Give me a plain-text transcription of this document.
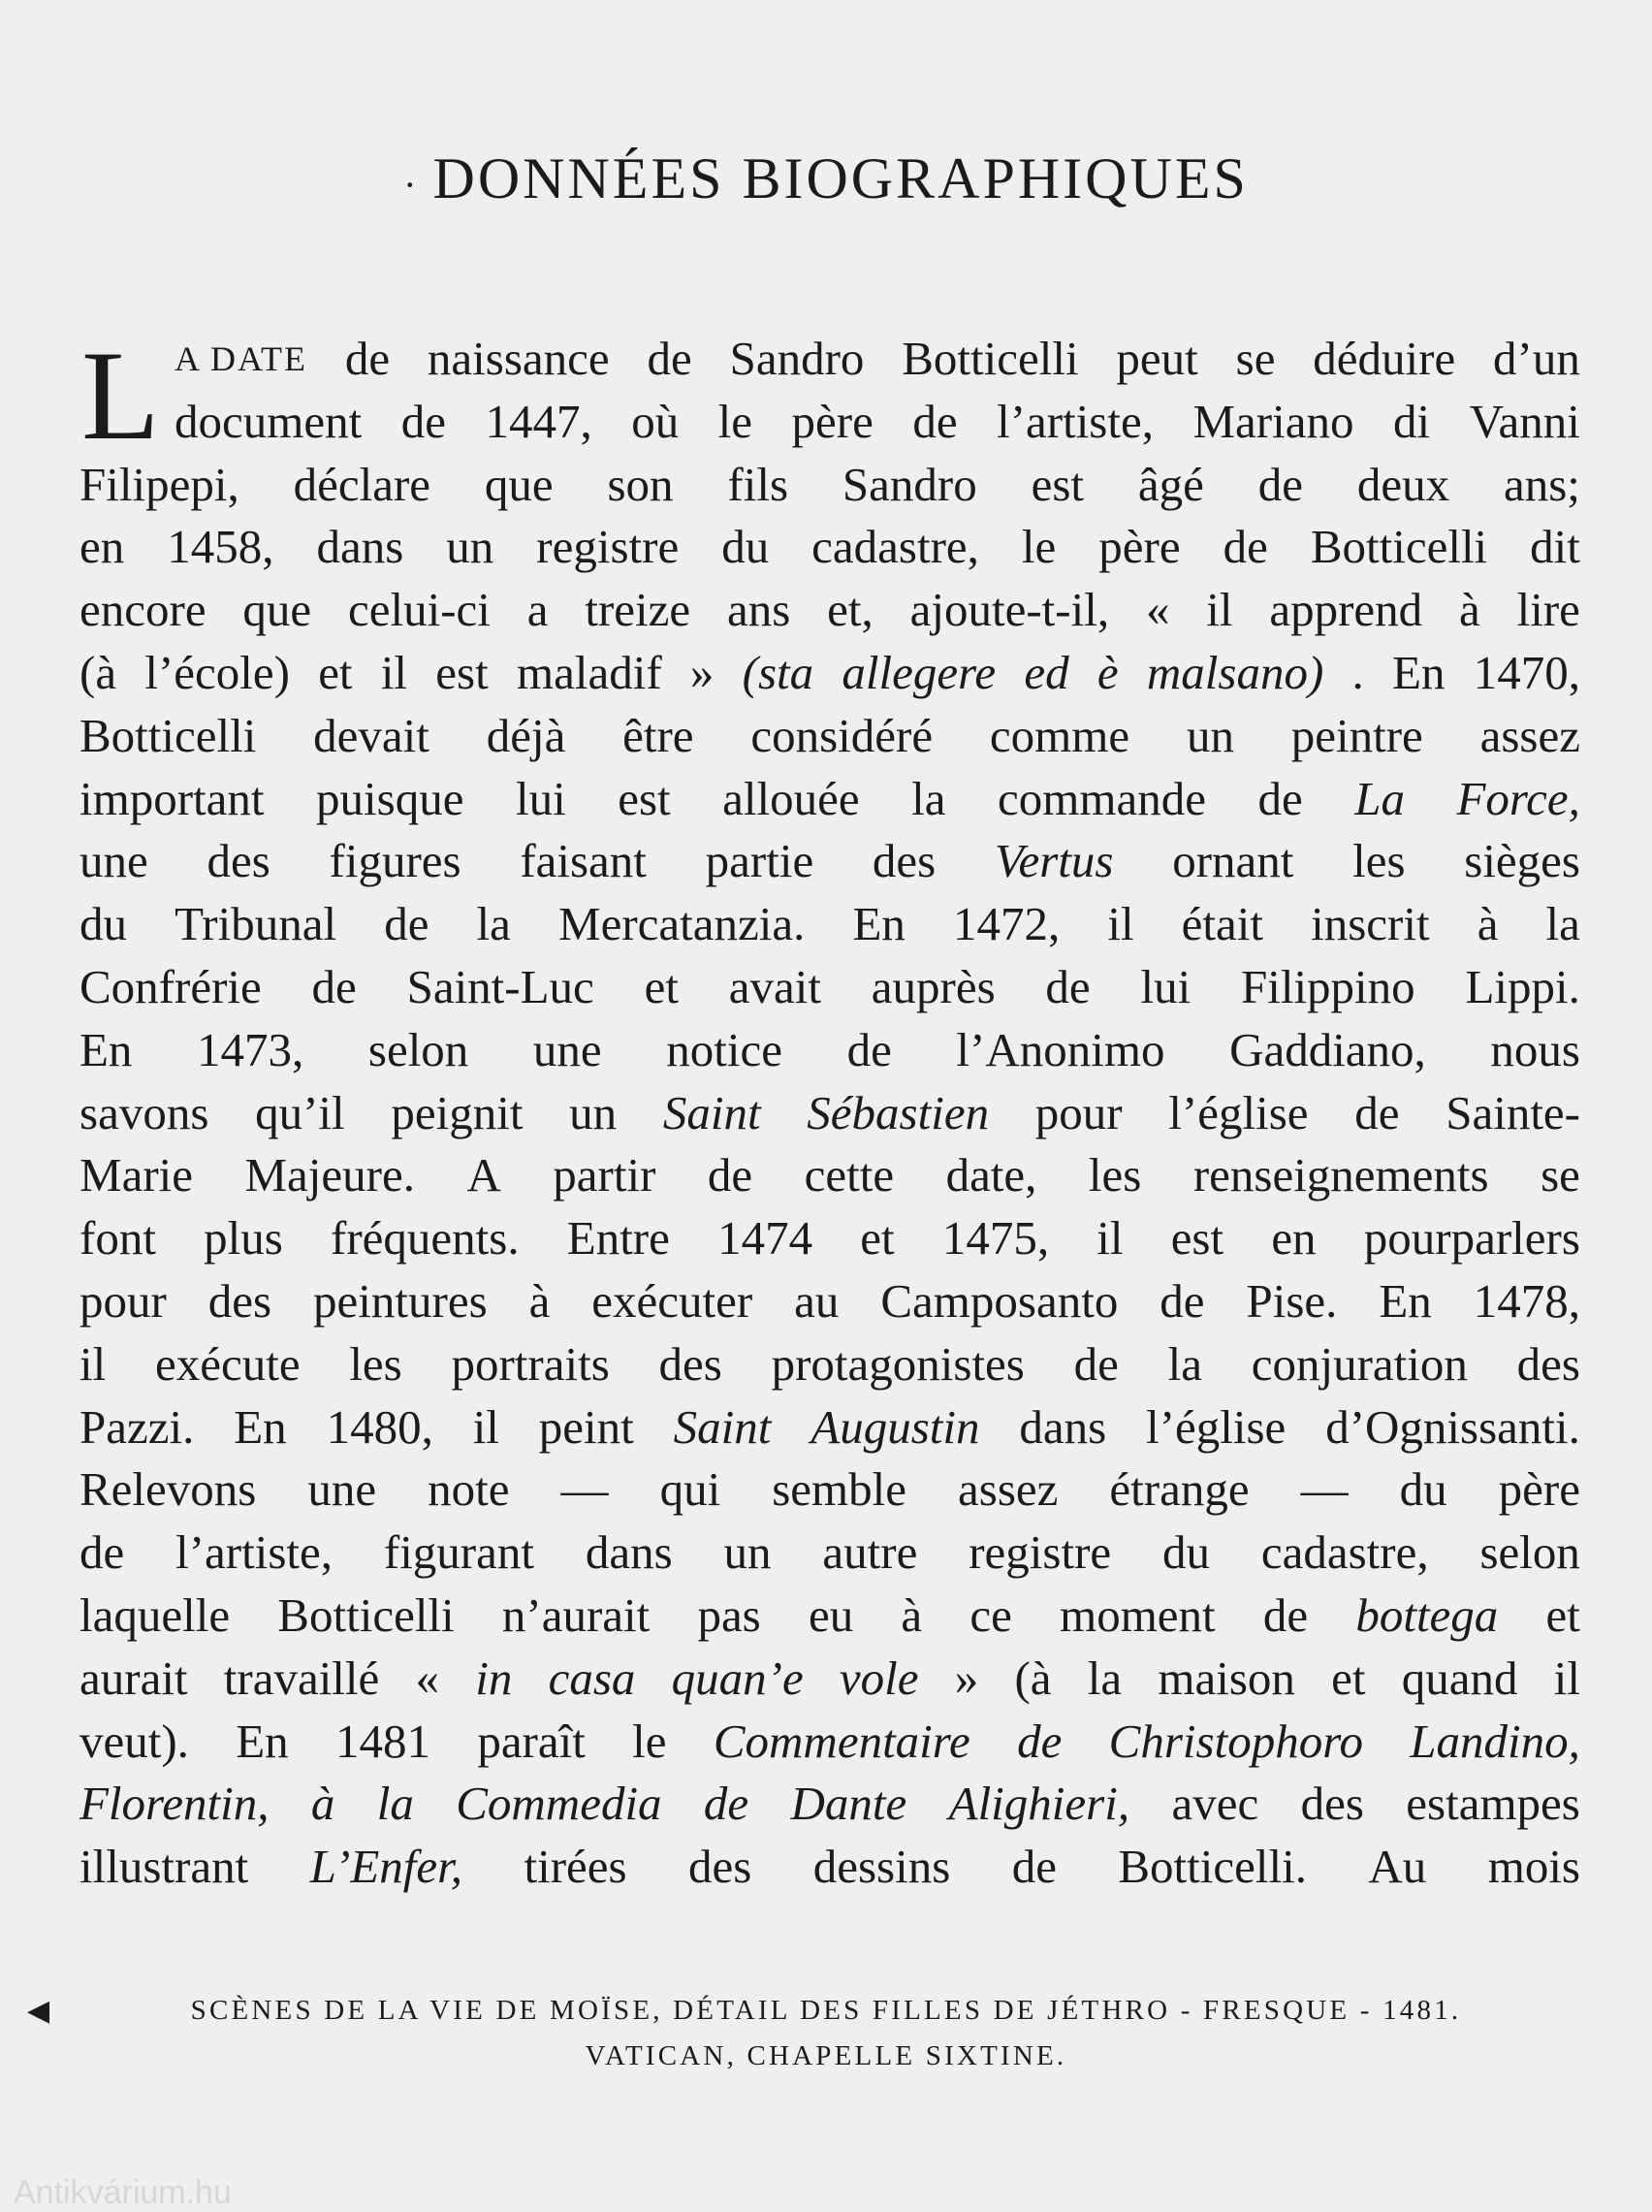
· DONNÉES BIOGRAPHIQUES
L A DATE de naissance de Sandro Botticelli peut se déduire d’un
document de 1447, où le père de l’artiste, Mariano di Vanni
Filipepi, déclare que son fils Sandro est âgé de deux ans;
en 1458, dans un registre du cadastre, le père de Botticelli dit
encore que celui-ci a treize ans et, ajoute-t-il, « il apprend à lire
(à l’école) et il est maladif » (sta allegere ed è malsano) . En 1470,
Botticelli devait déjà être considéré comme un peintre assez
important puisque lui est allouée la commande de La Force,
une des figures faisant partie des Vertus ornant les sièges
du Tribunal de la Mercatanzia. En 1472, il était inscrit à la
Confrérie de Saint-Luc et avait auprès de lui Filippino Lippi.
En 1473, selon une notice de l’Anonimo Gaddiano, nous
savons qu’il peignit un Saint Sébastien pour l’église de Sainte-
Marie Majeure. A partir de cette date, les renseignements se
font plus fréquents. Entre 1474 et 1475, il est en pourparlers
pour des peintures à exécuter au Camposanto de Pise. En 1478,
il exécute les portraits des protagonistes de la conjuration des
Pazzi. En 1480, il peint Saint Augustin dans l’église d’Ognissanti.
Relevons une note — qui semble assez étrange — du père
de l’artiste, figurant dans un autre registre du cadastre, selon
laquelle Botticelli n’aurait pas eu à ce moment de bottega et
aurait travaillé « in casa quan’e vole » (à la maison et quand il
veut). En 1481 paraît le Commentaire de Christophoro Landino,
Florentin, à la Commedia de Dante Alighieri, avec des estampes
illustrant L’Enfer, tirées des dessins de Botticelli. Au mois
◀	SCÈNES DE LA VIE DE MOÏSE, DÉTAIL DES FILLES DE JÉTHRO - FRESQUE - 1481.
VATICAN, CHAPELLE SIXTINE.
Antikvárium.hu
